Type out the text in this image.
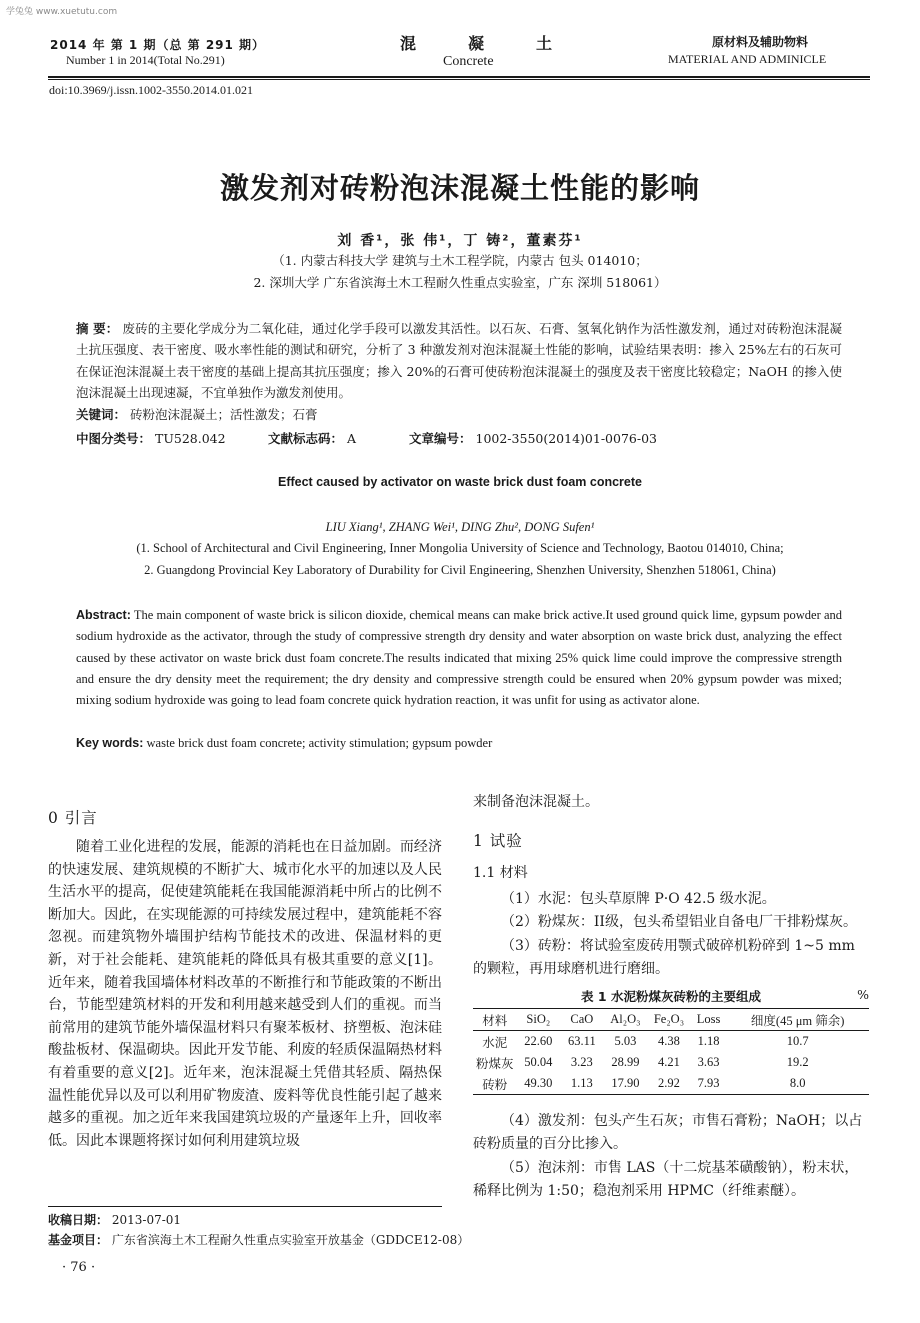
学兔兔 www.xuetutu.com
2014 年 第 1 期（总 第 291 期）
Number 1 in 2014(Total No.291)
混凝土
Concrete
原材料及辅助物料
MATERIAL AND ADMINICLE
doi:10.3969/j.issn.1002-3550.2014.01.021
激发剂对砖粉泡沫混凝土性能的影响
刘 香¹，张 伟¹，丁 铸²，董素芬¹
（1. 内蒙古科技大学 建筑与土木工程学院，内蒙古 包头 014010；
2. 深圳大学 广东省滨海土木工程耐久性重点实验室，广东 深圳 518061）
摘 要： 废砖的主要化学成分为二氧化硅，通过化学手段可以激发其活性。以石灰、石膏、氢氧化钠作为活性激发剂，通过对砖粉泡沫混凝土抗压强度、表干密度、吸水率性能的测试和研究，分析了 3 种激发剂对泡沫混凝土性能的影响，试验结果表明：掺入 25%左右的石灰可在保证泡沫混凝土表干密度的基础上提高其抗压强度；掺入 20%的石膏可使砖粉泡沫混凝土的强度及表干密度比较稳定；NaOH 的掺入使泡沫混凝土出现速凝，不宜单独作为激发剂使用。
关键词： 砖粉泡沫混凝土；活性激发；石膏
中图分类号： TU528.042	文献标志码： A	文章编号： 1002-3550(2014)01-0076-03
Effect caused by activator on waste brick dust foam concrete
LIU Xiang¹, ZHANG Wei¹, DING Zhu², DONG Sufen¹
(1. School of Architectural and Civil Engineering, Inner Mongolia University of Science and Technology, Baotou 014010, China;
2. Guangdong Provincial Key Laboratory of Durability for Civil Engineering, Shenzhen University, Shenzhen 518061, China)
Abstract: The main component of waste brick is silicon dioxide, chemical means can make brick active.It used ground quick lime, gypsum powder and sodium hydroxide as the activator, through the study of compressive strength dry density and water absorption on waste brick dust, analyzing the effect caused by these activator on waste brick dust foam concrete.The results indicated that mixing 25% quick lime could improve the compressive strength and ensure the dry density meet the requirement; the dry density and compressive strength could be ensured when 20% gypsum powder was mixed; mixing sodium hydroxide was going to lead foam concrete quick hydration reaction, it was unfit for using as activator alone.
Key words: waste brick dust foam concrete; activity stimulation; gypsum powder
0 引言
随着工业化进程的发展，能源的消耗也在日益加剧。而经济的快速发展、建筑规模的不断扩大、城市化水平的加速以及人民生活水平的提高，促使建筑能耗在我国能源消耗中所占的比例不断加大。因此，在实现能源的可持续发展过程中，建筑能耗不容忽视。而建筑物外墙围护结构节能技术的改进、保温材料的更新，对于社会能耗、建筑能耗的降低具有极其重要的意义[1]。近年来，随着我国墙体材料改革的不断推行和节能政策的不断出台，节能型建筑材料的开发和利用越来越受到人们的重视。而当前常用的建筑节能外墙保温材料只有聚苯板材、挤塑板、泡沫硅酸盐板材、保温砌块。因此开发节能、利废的轻质保温隔热材料有着重要的意义[2]。近年来，泡沫混凝土凭借其轻质、隔热保温性能优异以及可以利用矿物废渣、废料等优良性能引起了越来越多的重视。加之近年来我国建筑垃圾的产量逐年上升，回收率低。因此本课题将探讨如何利用建筑垃圾
收稿日期： 2013-07-01
基金项目： 广东省滨海土木工程耐久性重点实验室开放基金（GDDCE12-08）
· 76 ·
来制备泡沫混凝土。
1 试验
1.1 材料
（1）水泥：包头草原牌 P·O 42.5 级水泥。
（2）粉煤灰：II级，包头希望铝业自备电厂干排粉煤灰。
（3）砖粉：将试验室废砖用颚式破碎机粉碎到 1~5 mm 的颗粒，再用球磨机进行磨细。
表 1 水泥粉煤灰砖粉的主要组成	%
材料	SiO₂	CaO	Al₂O₃	Fe₂O₃	Loss	细度(45 μm 筛余)
水泥	22.60	63.11	5.03	4.38	1.18	10.7
粉煤灰	50.04	3.23	28.99	4.21	3.63	19.2
砖粉	49.30	1.13	17.90	2.92	7.93	8.0
（4）激发剂：包头产生石灰；市售石膏粉；NaOH；以占砖粉质量的百分比掺入。
（5）泡沫剂：市售 LAS（十二烷基苯磺酸钠），粉末状，稀释比例为 1:50；稳泡剂采用 HPMC（纤维素醚）。
